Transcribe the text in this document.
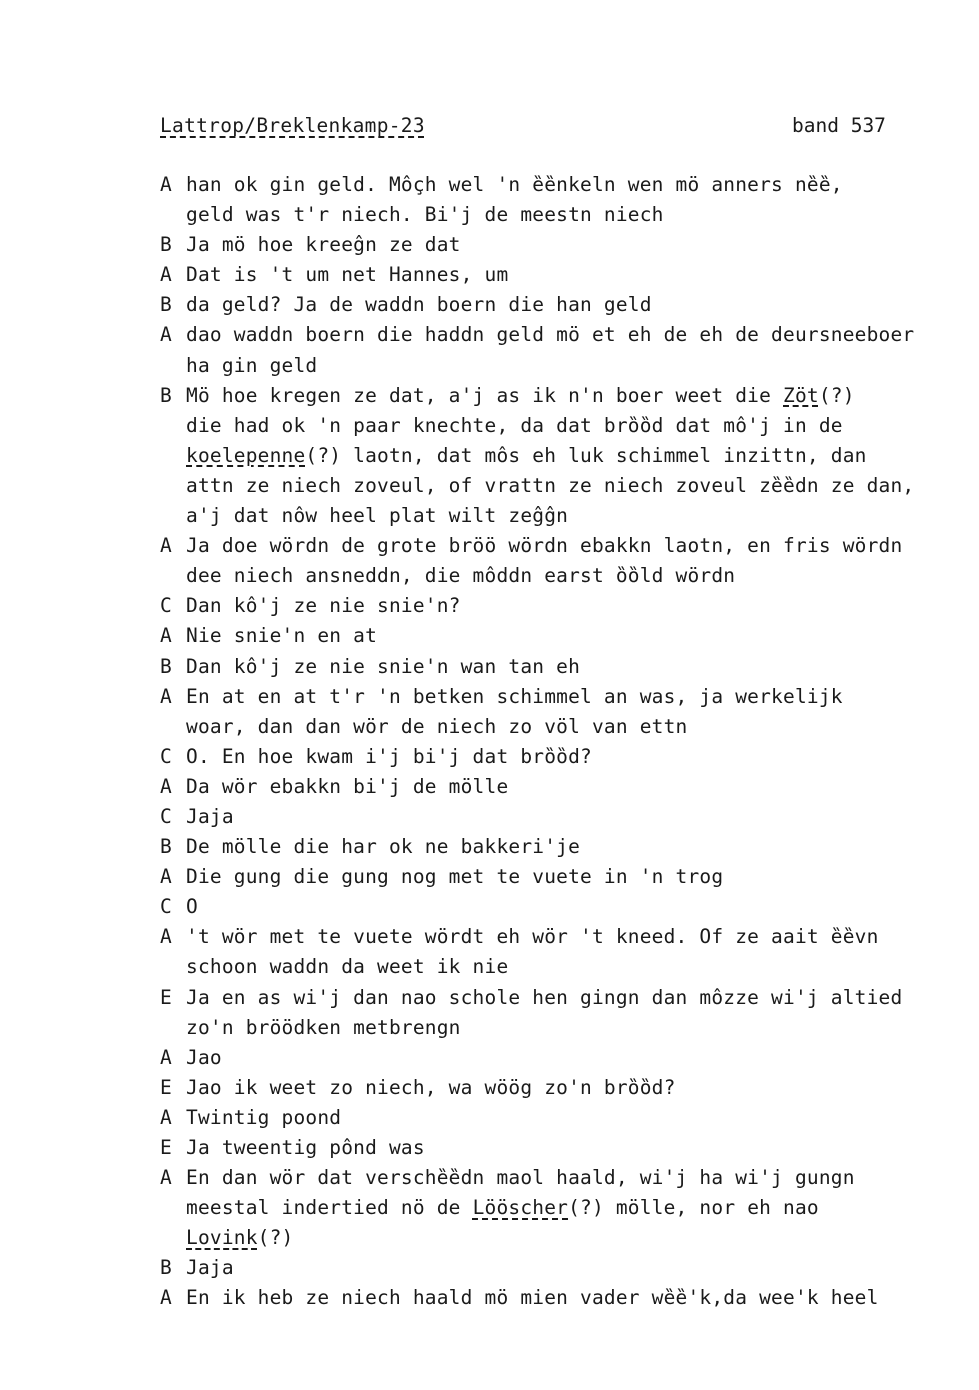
Lattrop/Breklenkamp-23	band 537
A han ok gin geld. Môçh wel 'n ȅȅnkeln wen mö anners nȅȅ,
geld was t'r niech. Bi'j de meestn niech
B Ja mö hoe kreeĝn ze dat
A Dat is 't um net Hannes, um
B da geld? Ja de waddn boern die han geld
A dao waddn boern die haddn geld mö et eh de eh de deursneeboer
ha gin geld
B Mö hoe kregen ze dat, a'j as ik n'n boer weet die Zöt(?)
die had ok 'n paar knechte, da dat brȍȍd dat mô'j in de
koelepenne(?) laotn, dat môs eh luk schimmel inzittn, dan
attn ze niech zoveul, of vrattn ze niech zoveul zȅȅdn ze dan,
a'j dat nôw heel plat wilt zeĝĝn
A Ja doe wördn de grote bröö wördn ebakkn laotn, en fris wördn
dee niech ansneddn, die môddn earst ȍȍld wördn
C Dan kô'j ze nie snie'n?
A Nie snie'n en at
B Dan kô'j ze nie snie'n wan tan eh
A En at en at t'r 'n betken schimmel an was, ja werkelijk
woar, dan dan wör de niech zo völ van ettn
C O. En hoe kwam i'j bi'j dat brȍȍd?
A Da wör ebakkn bi'j de mölle
C Jaja
B De mölle die har ok ne bakkeri'je
A Die gung die gung nog met te vuete in 'n trog
C O
A 't wör met te vuete wördt eh wör 't kneed. Of ze aait ȅȅvn
schoon waddn da weet ik nie
E Ja en as wi'j dan nao schole hen gingn dan môzze wi'j altied
zo'n bröödken metbrengn
A Jao
E Jao ik weet zo niech, wa wöög zo'n brȍȍd?
A Twintig poond
E Ja tweentig pônd was
A En dan wör dat verschȅȅdn maol haald, wi'j ha wi'j gungn
meestal indertied nö de Lööscher(?) mölle, nor eh nao
Lovink(?)
B Jaja
A En ik heb ze niech haald mö mien vader wȅȅ'k,da wee'k heel
